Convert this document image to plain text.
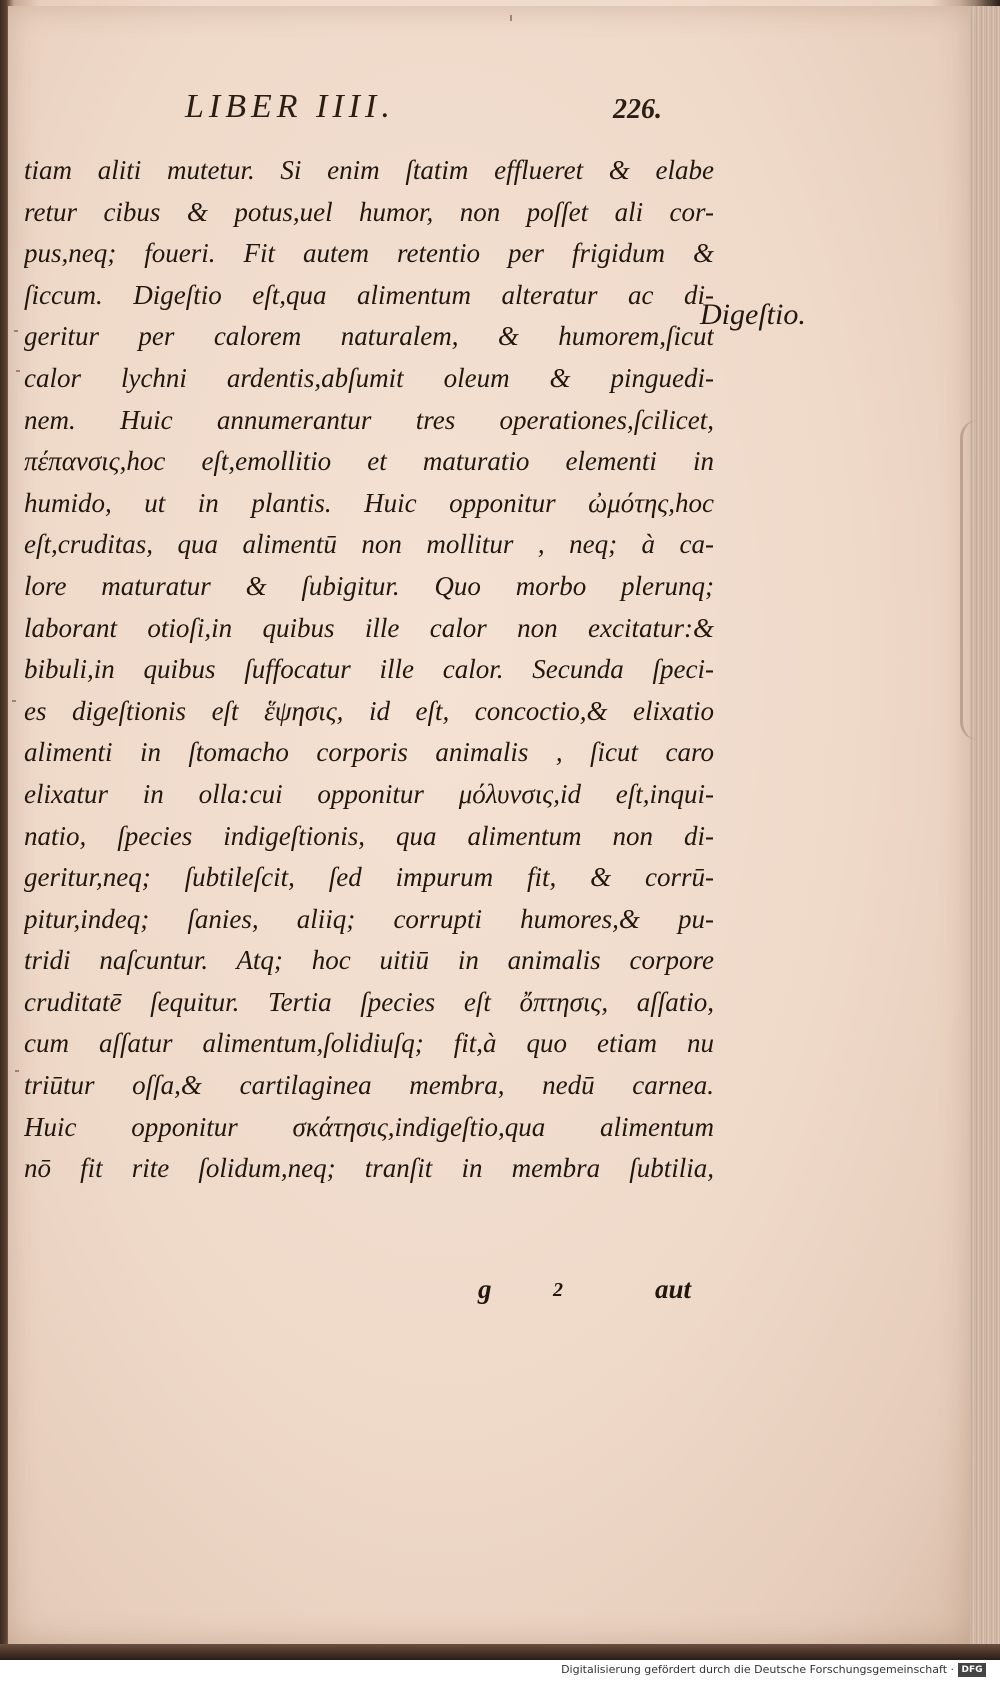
LIBER IIII.	226.
tiam aliti mutetur. Si enim ſtatim efflueret & elabe
retur cibus & potus,uel humor, non poſſet ali cor-
pus,neq; foueri. Fit autem retentio per frigidum &
ſiccum. Digeſtio eſt,qua alimentum alteratur ac di-
geritur per calorem naturalem, & humorem,ſicut
calor lychni ardentis,abſumit oleum & pinguedi-
nem. Huic annumerantur tres operationes,ſcilicet,
πέπανσις,hoc eſt,emollitio et maturatio elementi in
humido, ut in plantis. Huic opponitur ὠμότης,hoc
eſt,cruditas, qua alimentū non mollitur , neq; à ca-
lore maturatur & ſubigitur. Quo morbo plerunq;
laborant otioſi,in quibus ille calor non excitatur:&
bibuli,in quibus ſuffocatur ille calor. Secunda ſpeci-
es digeſtionis eſt ἕψησις, id eſt, concoctio,& elixatio
alimenti in ſtomacho corporis animalis , ſicut caro
elixatur in olla:cui opponitur μόλυνσις,id eſt,inqui-
natio, ſpecies indigeſtionis, qua alimentum non di-
geritur,neq; ſubtileſcit, ſed impurum fit, & corrū-
pitur,indeq; ſanies, aliiq; corrupti humores,& pu-
tridi naſcuntur. Atq; hoc uitiū in animalis corpore
cruditatē ſequitur. Tertia ſpecies eſt ὄπτησις, aſſatio,
cum aſſatur alimentum,ſolidiuſq; fit,à quo etiam nu
triūtur oſſa,& cartilaginea membra, nedū carnea.
Huic opponitur σκάτησις,indigeſtio,qua alimentum
nō fit rite ſolidum,neq; tranſit in membra ſubtilia,
Digeſtio.
g	2	aut
Digitalisierung gefördert durch die Deutsche Forschungsgemeinschaft · DFG
